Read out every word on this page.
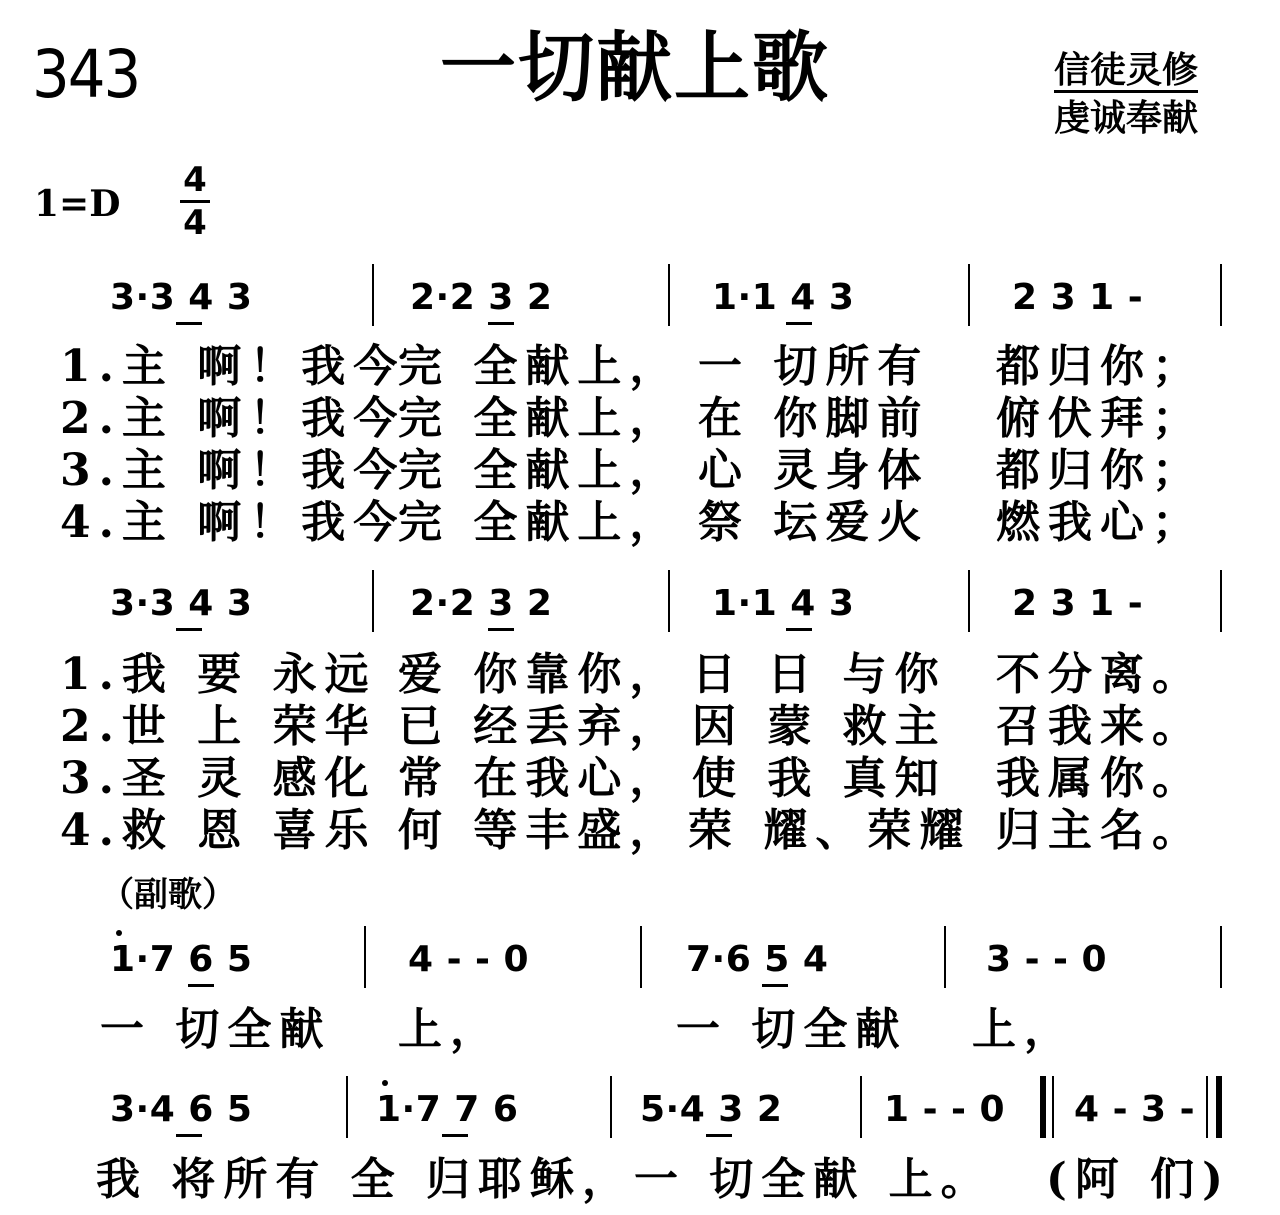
343	一切献上歌	信徒灵修
虔诚奉献
1=D
4
4
3·3 4 3	2·2 3 2	1·1 4 3	2 3 1 -
1.主 啊！我今
完 全献上， 一 切所有 都归你；
2.主 啊！我今
完 全献上， 在 你脚前 俯伏拜；
3.主 啊！我今
完 全献上， 心 灵身体 都归你；
4.主 啊！我今
完 全献上， 祭 坛爱火 燃我心；
3·3 4 3	2·2 3 2	1·1 4 3	2 3 1 -
1.我 要 永远 爱 你靠你， 日 日 与你 不分离。
2.世 上 荣华 已 经丢弃， 因 蒙 救主 召我来。
3.圣 灵 感化 常 在我心， 使 我 真知 我属你。
4.救 恩 喜乐 何 等丰盛， 荣 耀、荣耀 归主名。
（副歌）
1·7 6 5	4 - - 0	7·6 5 4	3 - - 0
一 切全献 上，	一 切全献 上，
3·4 6 5	1·7 7 6	5·4 3 2	1 - - 0 4 - 3 -
我 将所有 全 归耶稣，一 切全献 上。 (阿 们)
